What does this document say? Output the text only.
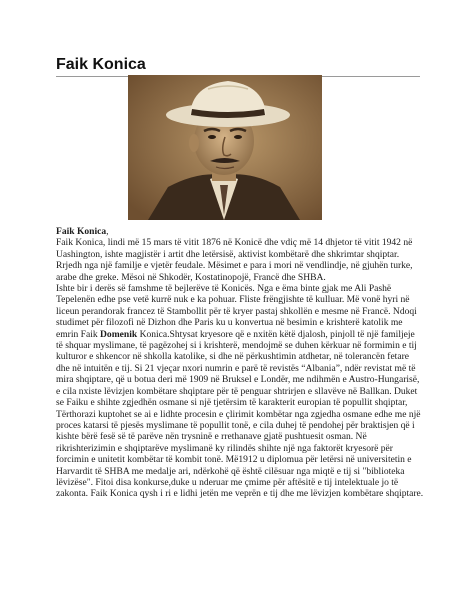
Faik Konica

Faik Konica,

Faik Konica, lindi më 15 mars të vitit 1876 në Konicë dhe vdiç më 14 dhjetor të vitit 1942 në Uashington, ishte magjistër i artit dhe letërsisë, aktivist kombëtarë dhe shkrimtar shqiptar. Rrjedh nga një familje e vjetër feudale. Mësimet e para i mori në vendlindje, në gjuhën turke, arabe dhe greke. Mësoi në Shkodër, Kostatinopojë, Francë dhe SHBA.

Ishte bir i derës së famshme të bejlerëve të Konicës. Nga e ëma binte gjak me Ali Pashë Tepelenën edhe pse vetë kurrë nuk e ka pohuar. Fliste frëngjishte të kulluar. Më vonë hyri në liceun perandorak francez të Stambollit për të kryer pastaj shkollën e mesme në Francë. Ndoqi studimet për filozofi në Dizhon dhe Paris ku u konvertua në besimin e krishterë katolik me emrin Faik Domenik Konica.Shtysat kryesore që e nxitën këtë djalosh, pinjoll të një familjeje të shquar myslimane, të pagëzohej si i krishterë, mendojmë se duhen kërkuar në formimin e tij kulturor e shkencor në shkolla katolike, si dhe në përkushtimin atdhetar, në tolerancën fetare dhe në intuitën e tij. Si 21 vjeçar nxori numrin e parë të revistës “Albania”, ndër revistat më të mira shqiptare, që u botua deri më 1909 në Bruksel e Londër, me ndihmën e Austro-Hungarisë, e cila nxiste lëvizjen kombëtare shqiptare për të penguar shtrirjen e sllavëve në Ballkan. Duket se Faiku e shihte zgjedhën osmane si një tjetërsim të karakterit europian të popullit shqiptar, Tërthorazi kuptohet se ai e lidhte procesin e çlirimit kombëtar nga zgjedha osmane edhe me një proces katarsi të pjesës myslimane të popullit tonë, e cila duhej të pendohej për braktisjen që i kishte bërë fesë së të parëve nën trysninë e rrethanave gjatë pushtuesit osman. Në rikrishterizimin e shqiptarëve myslimanë ky rilindës shihte një nga faktorët kryesorë për forcimin e unitetit kombëtar të kombit tonë. Më1912 u diplomua për letërsi në universitetin e Harvardit të SHBA me medalje ari, ndërkohë që është cilësuar nga miqtë e tij si "biblioteka lëvizëse". Fitoi disa konkurse,duke u nderuar me çmime për aftësitë e tij intelektuale jo të zakonta. Faik Konica qysh i ri e lidhi jetën me veprën e tij dhe me lëvizjen kombëtare shqiptare.
